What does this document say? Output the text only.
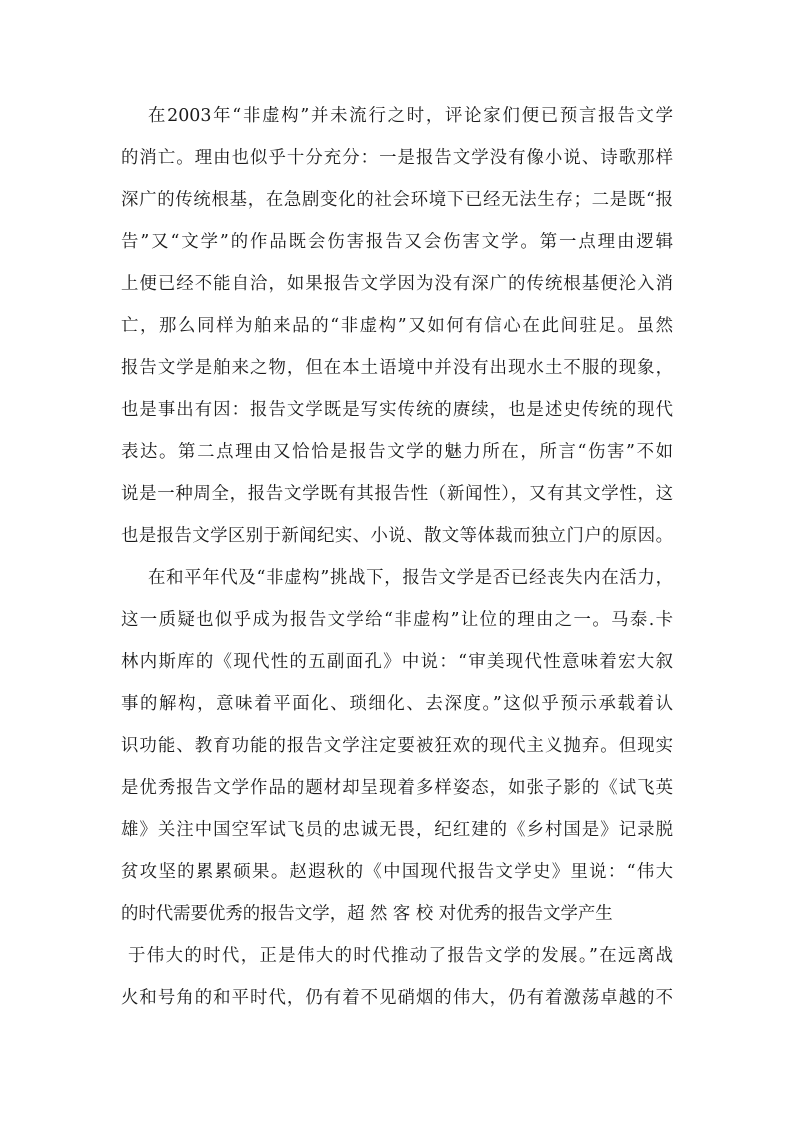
在2003年“非虚构”并未流行之时，评论家们便已预言报告文学
的消亡。理由也似乎十分充分：一是报告文学没有像小说、诗歌那样
深广的传统根基，在急剧变化的社会环境下已经无法生存；二是既“报
告”又“文学”的作品既会伤害报告又会伤害文学。第一点理由逻辑
上便已经不能自洽，如果报告文学因为没有深广的传统根基便沦入消
亡，那么同样为舶来品的“非虚构”又如何有信心在此间驻足。虽然
报告文学是舶来之物，但在本土语境中并没有出现水土不服的现象，
也是事出有因：报告文学既是写实传统的赓续，也是述史传统的现代
表达。第二点理由又恰恰是报告文学的魅力所在，所言“伤害”不如
说是一种周全，报告文学既有其报告性（新闻性），又有其文学性，这
也是报告文学区别于新闻纪实、小说、散文等体裁而独立门户的原因。
在和平年代及“非虚构”挑战下，报告文学是否已经丧失内在活力，
这一质疑也似乎成为报告文学给“非虚构”让位的理由之一。马泰.卡
林内斯库的《现代性的五副面孔》中说：“审美现代性意味着宏大叙
事的解构，意味着平面化、琐细化、去深度。”这似乎预示承载着认
识功能、教育功能的报告文学注定要被狂欢的现代主义抛弃。但现实
是优秀报告文学作品的题材却呈现着多样姿态，如张子影的《试飞英
雄》关注中国空军试飞员的忠诚无畏，纪红建的《乡村国是》记录脱
贫攻坚的累累硕果。赵遐秋的《中国现代报告文学史》里说：“伟大
的时代需要优秀的报告文学，超 然 客 校 对优秀的报告文学产生
于伟大的时代，正是伟大的时代推动了报告文学的发展。”在远离战
火和号角的和平时代，仍有着不见硝烟的伟大，仍有着激荡卓越的不
